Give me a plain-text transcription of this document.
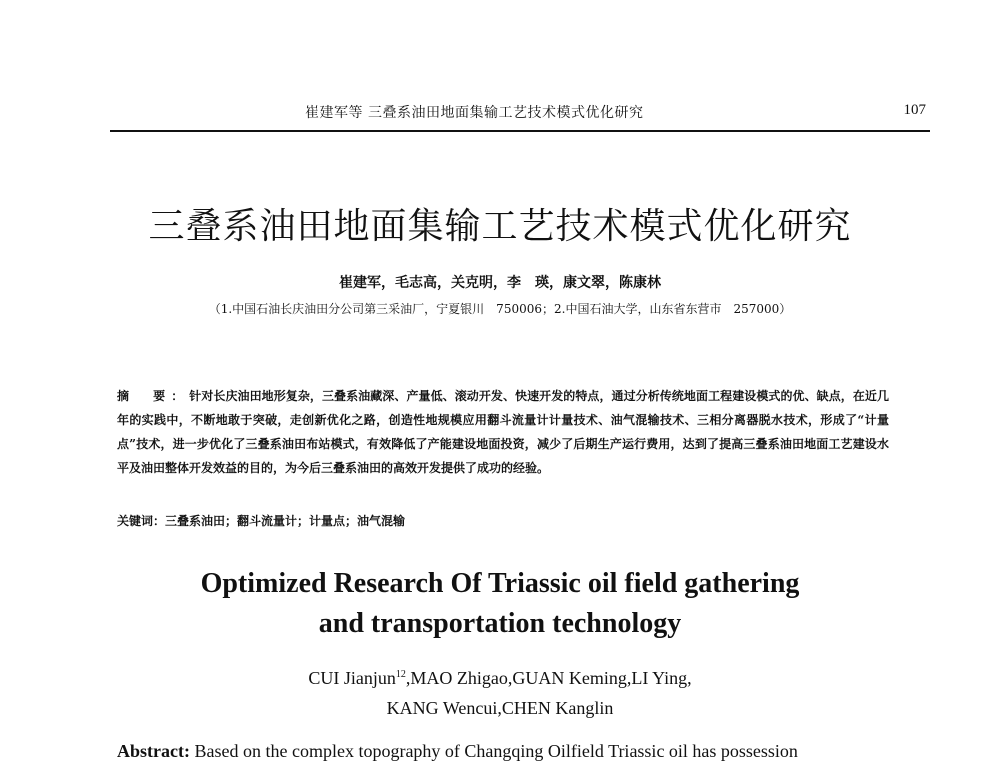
崔建军等 三叠系油田地面集输工艺技术模式优化研究	107
三叠系油田地面集输工艺技术模式优化研究
崔建军，毛志高，关克明，李　瑛，康文翠，陈康林
（1.中国石油长庆油田分公司第三采油厂，宁夏银川　750006；2.中国石油大学，山东省东营市　257000）
摘　要：针对长庆油田地形复杂，三叠系油藏深、产量低、滚动开发、快速开发的特点，通过分析传统地面工程建设模式的优、缺点，在近几年的实践中，不断地敢于突破，走创新优化之路，创造性地规模应用翻斗流量计计量技术、油气混输技术、三相分离器脱水技术，形成了“计量点”技术，进一步优化了三叠系油田布站模式，有效降低了产能建设地面投资，减少了后期生产运行费用，达到了提高三叠系油田地面工艺建设水平及油田整体开发效益的目的，为今后三叠系油田的高效开发提供了成功的经验。
关键词：三叠系油田；翻斗流量计；计量点；油气混输
Optimized Research Of Triassic oil field gathering
and transportation technology
CUI Jianjun$^{12}$,MAO Zhigao,GUAN Keming,LI Ying,
KANG Wencui,CHEN Kanglin
Abstract: Based on the complex topography of Changqing Oilfield Triassic oil has possession
